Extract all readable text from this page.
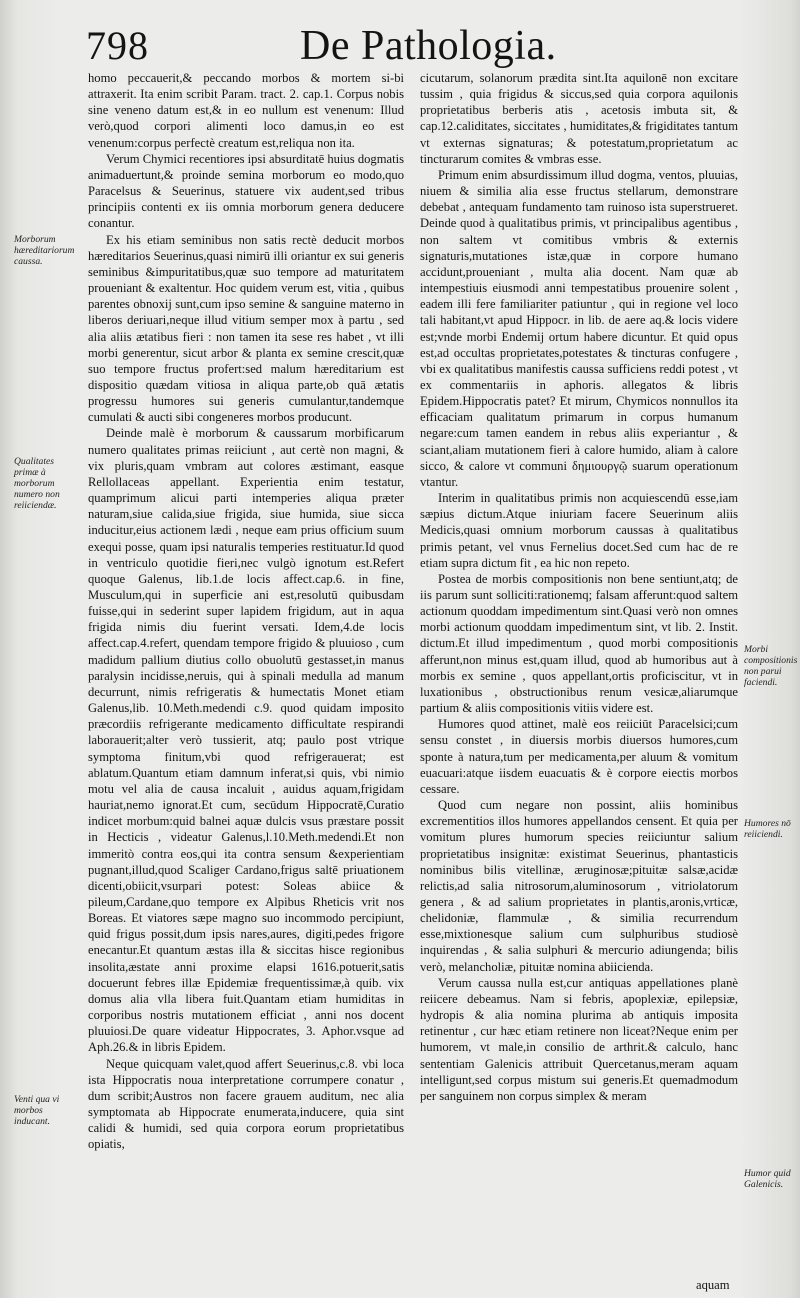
798	De Pathologia.

homo peccauerit,& peccando morbos & mortem si-bi attraxerit. Ita enim scribit Param. tract. 2. cap.1. Corpus nobis sine veneno datum est,& in eo nullum est venenum: Illud verò,quod corpori alimenti loco damus,in eo est venenum:corpus perfectè creatum est,reliqua non ita.

Verum Chymici recentiores ipsi absurditatē huius dogmatis animaduertunt,& proinde semina morborum eo modo,quo Paracelsus & Seuerinus, statuere vix audent,sed tribus principiis contenti ex iis omnia morborum genera deducere conantur.

Ex his etiam seminibus non satis rectè deducit morbos hæreditarios Seuerinus,quasi nimirū illi oriantur ex sui generis seminibus &impuritatibus,quæ suo tempore ad maturitatem proueniant & exaltentur. Hoc quidem verum est, vitia , quibus parentes obnoxij sunt,cum ipso semine & sanguine materno in liberos deriuari,neque illud vitium semper mox à partu , sed alia aliis ætatibus fieri : non tamen ita sese res habet , vt illi morbi generentur, sicut arbor & planta ex semine crescit,quæ suo tempore fructus profert:sed malum hæreditarium est dispositio quædam vitiosa in aliqua parte,ob quā ætatis progressu humores sui generis cumulantur,tandemque cumulati & aucti sibi congeneres morbos producunt.

Deinde malè è morborum & caussarum morbificarum numero qualitates primas reiiciunt , aut certè non magni, & vix pluris,quam vmbram aut colores æstimant, easque Rellollaceas appellant. Experientia enim testatur, quamprimum alicui parti intemperies aliqua præter naturam,siue calida,siue frigida, siue humida, siue sicca inducitur,eius actionem lædi , neque eam prius officium suum exequi posse, quam ipsi naturalis temperies restituatur.Id quod in ventriculo quotidie fieri,nec vulgò ignotum est.Refert quoque Galenus, lib.1.de locis affect.cap.6. in fine, Musculum,qui in superficie ani est,resolutū quibusdam fuisse,qui in sederint super lapidem frigidum, aut in aqua frigida nimis diu fuerint versati. Idem,4.de locis affect.cap.4.refert, quendam tempore frigido & pluuioso , cum madidum pallium diutius collo obuolutū gestasset,in manus paralysin incidisse,neruis, qui à spinali medulla ad manum decurrunt, nimis refrigeratis & humectatis Monet etiam Galenus,lib. 10.Meth.medendi c.9. quod quidam imposito præcordiis refrigerante medicamento difficultate respirandi laborauerit;alter verò tussierit, atq; paulo post vtrique symptoma finitum,vbi quod refrigerauerat; est ablatum.Quantum etiam damnum inferat,si quis, vbi nimio motu vel alia de causa incaluit , auidus aquam,frigidam hauriat,nemo ignorat.Et cum, secūdum Hippocratē,Curatio indicet morbum:quid balnei aquæ dulcis vsus præstare possit in Hecticis , videatur Galenus,l.10.Meth.medendi.Et non immeritò contra eos,qui ita contra sensum &experientiam pugnant,illud,quod Scaliger Cardano,frigus saltē priuationem dicenti,obiicit,vsurpari potest: Soleas abiice & pileum,Cardane,quo tempore ex Alpibus Rheticis vrit nos Boreas. Et viatores sæpe magno suo incommodo percipiunt, quid frigus possit,dum ipsis nares,aures, digiti,pedes frigore enecantur.Et quantum æstas illa & siccitas hisce regionibus insolita,æstate anni proxime elapsi 1616.potuerit,satis docuerunt febres illæ Epidemiæ frequentissimæ,à quib. vix domus alia vlla libera fuit.Quantam etiam humiditas in corporibus nostris mutationem efficiat , anni nos docent pluuiosi.De quare videatur Hippocrates, 3. Aphor.vsque ad Aph.26.& in libris Epidem.

Neque quicquam valet,quod affert Seuerinus,c.8. vbi loca ista Hippocratis noua interpretatione corrumpere conatur , dum scribit;Austros non facere grauem auditum, nec alia symptomata ab Hippocrate enumerata,inducere, quia sint calidi & humidi, sed quia corpora eorum proprietatibus opiatis,

cicutarum, solanorum prædita sint.Ita aquilonē non excitare tussim , quia frigidus & siccus,sed quia corpora aquilonis proprietatibus berberis atis , acetosis imbuta sit, & cap.12.caliditates, siccitates , humiditates,& frigiditates tantum vt externas signaturas; & potestatum,proprietatum ac tincturarum comites & vmbras esse.

Primum enim absurdissimum illud dogma, ventos, pluuias, niuem & similia alia esse fructus stellarum, demonstrare debebat , antequam fundamento tam ruinoso ista superstrueret. Deinde quod à qualitatibus primis, vt principalibus agentibus , non saltem vt comitibus vmbris & externis signaturis,mutationes istæ,quæ in corpore humano accidunt,proueniant , multa alia docent. Nam quæ ab intempestiuis eiusmodi anni tempestatibus prouenire solent , eadem illi fere familiariter patiuntur , qui in regione vel loco tali habitant,vt apud Hippocr. in lib. de aere aq.& locis videre est;vnde morbi Endemij ortum habere dicuntur. Et quid opus est,ad occultas proprietates,potestates & tincturas confugere , vbi ex qualitatibus manifestis caussa sufficiens reddi potest , vt ex commentariis in aphoris. allegatos & libris Epidem.Hippocratis patet? Et mirum, Chymicos nonnullos ita efficaciam qualitatum primarum in corpus humanum negare:cum tamen eandem in rebus aliis experiantur , & sciant,aliam mutationem fieri à calore humido, aliam à calore sicco, & calore vt communi δημιουργῷ suarum operationum vtantur.

Interim in qualitatibus primis non acquiescendū esse,iam sæpius dictum.Atque iniuriam facere Seuerinum aliis Medicis,quasi omnium morborum caussas à qualitatibus primis petant, vel vnus Fernelius docet.Sed cum hac de re etiam supra dictum fit , ea hic non repeto.

Postea de morbis compositionis non bene sentiunt,atq; de iis parum sunt solliciti:rationemq; falsam afferunt:quod saltem actionum quoddam impedimentum sint.Quasi verò non omnes morbi actionum quoddam impedimentum sint, vt lib. 2. Instit. dictum.Et illud impedimentum , quod morbi compositionis afferunt,non minus est,quam illud, quod ab humoribus aut à morbis ex semine , quos appellant,ortis proficiscitur, vt in luxationibus , obstructionibus renum vesicæ,aliarumque partium & aliis compositionis vitiis videre est.

Humores quod attinet, malè eos reiiciūt Paracelsici;cum sensu constet , in diuersis morbis diuersos humores,cum sponte à natura,tum per medicamenta,per aluum & vomitum euacuari:atque iisdem euacuatis & è corpore eiectis morbos cessare.

Quod cum negare non possint, aliis hominibus excrementitios illos humores appellandos censent. Et quia per vomitum plures humorum species reiiciuntur salium proprietatibus insignitæ: existimat Seuerinus, phantasticis nominibus bilis vitellinæ, æruginosæ;pituitæ salsæ,acidæ relictis,ad salia nitrosorum,aluminosorum , vitriolatorum genera , & ad salium proprietates in plantis,aronis,vrticæ, chelidoniæ, flammulæ , & similia recurrendum esse,mixtionesque salium cum sulphuribus studiosè inquirendas , & salia sulphuri & mercurio adiungenda; bilis verò, melancholiæ, pituitæ nomina abiicienda.

Verum caussa nulla est,cur antiquas appellationes planè reiicere debeamus. Nam si febris, apoplexiæ, epilepsiæ, hydropis & alia nomina plurima ab antiquis imposita retinentur , cur hæc etiam retinere non liceat?Neque enim per humorem, vt male,in consilio de arthrit.& calculo, hanc sententiam Galenicis attribuit Quercetanus,meram aquam intelligunt,sed corpus mistum sui generis.Et quemadmodum per sanguinem non corpus simplex & meram

Morborum hæreditariorum caussa.
Qualitates primæ à morborum numero non reiiciendæ.
Venti qua vi morbos inducant.
Morbi compositionis non parui faciendi.
Humores nō reiiciendi.
Humor quid Galenicis.
aquam
